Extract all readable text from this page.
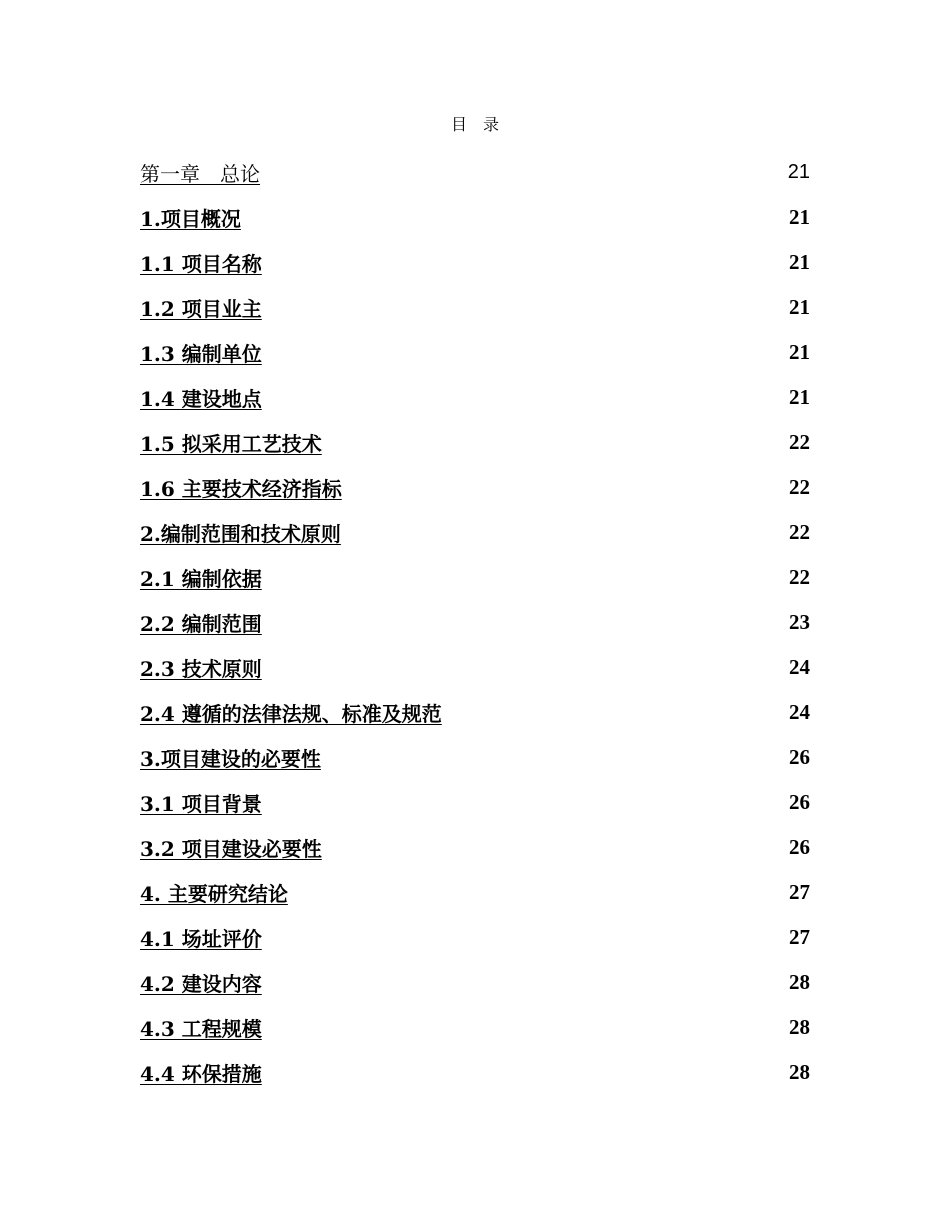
目　录
第一章　总论	21
1.项目概况	21
1.1 项目名称	21
1.2 项目业主	21
1.3 编制单位	21
1.4 建设地点	21
1.5 拟采用工艺技术	22
1.6 主要技术经济指标	22
2.编制范围和技术原则	22
2.1 编制依据	22
2.2 编制范围	23
2.3 技术原则	24
2.4 遵循的法律法规、标准及规范	24
3.项目建设的必要性	26
3.1 项目背景	26
3.2 项目建设必要性	26
4. 主要研究结论	27
4.1 场址评价	27
4.2 建设内容	28
4.3 工程规模	28
4.4 环保措施	28
